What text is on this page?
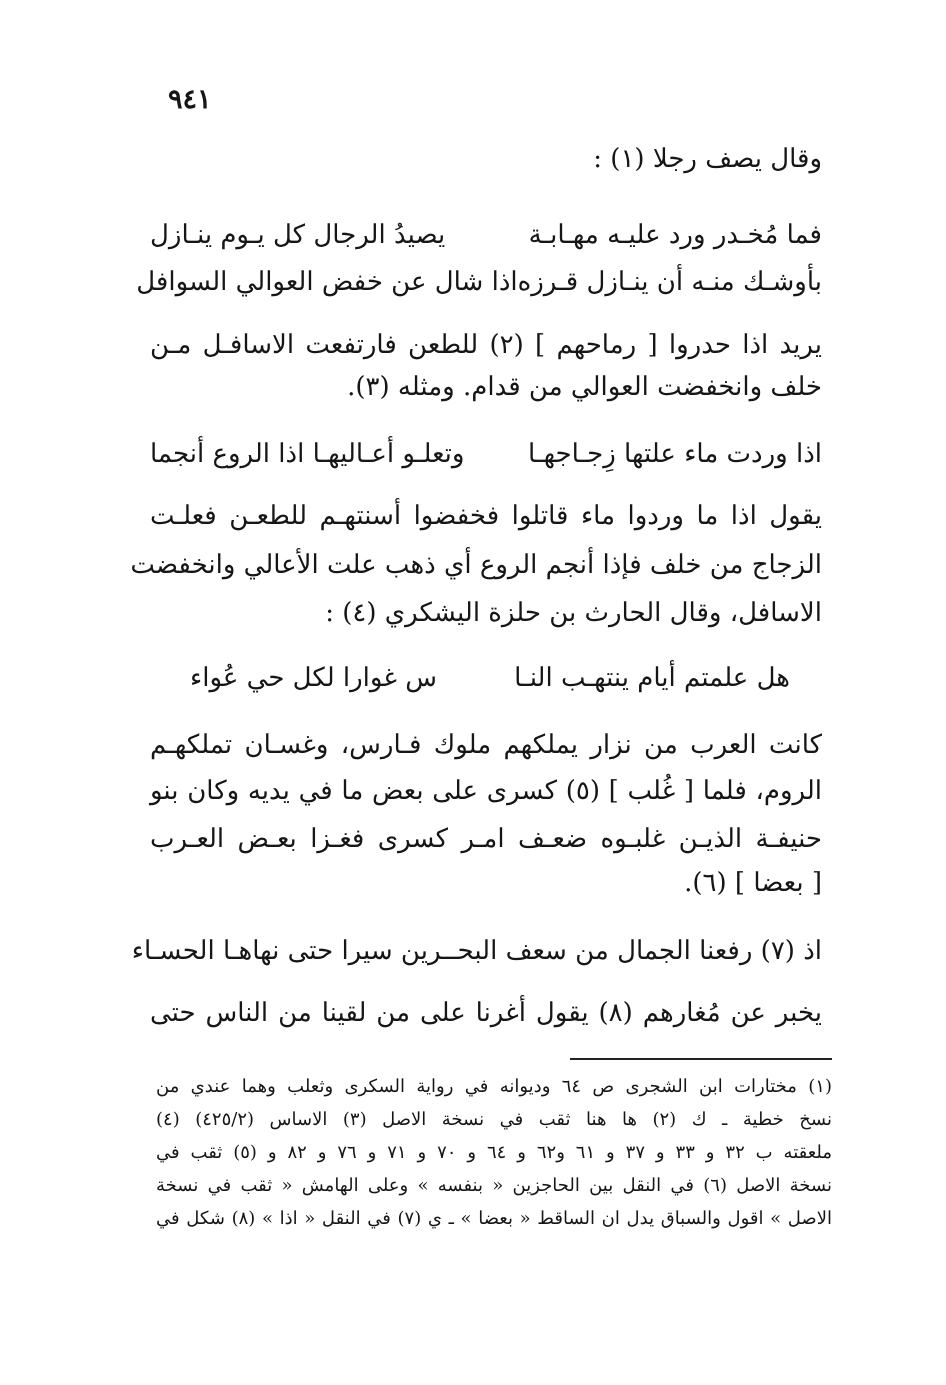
٩٤١
وقال يصف رجلا (١) :
فما مُخـدر ورد عليـه مهـابـة
يصيدُ الرجال كل يـوم ينـازل
بأوشـك منـه أن ينـازل قـرزه
اذا شال عن خفض العوالي السوافل
يريد اذا حدروا [ رماحهم ] (٢) للطعن فارتفعت الاسافـل مـن
خلف وانخفضت العوالي من قدام. ومثله (٣).
اذا وردت ماء علتها زِجـاجهـا
وتعلـو أعـاليهـا اذا الروع أنجما
يقول اذا ما وردوا ماء قاتلوا فخفضوا أسنتهـم للطعـن فعلـت
الزجاج من خلف فإذا أنجم الروع أي ذهب علت الأعالي وانخفضت
الاسافل، وقال الحارث بن حلزة اليشكري (٤) :
هل علمتم أيام ينتهـب النـا
س غوارا لكل حي عُواء
كانت العرب من نزار يملكهم ملوك فـارس، وغسـان تملكهـم
الروم، فلما [ غُلب ] (٥) كسرى على بعض ما في يديه وكان بنو
حنيفـة الذيـن غلبـوه ضعـف امـر كسرى فغـزا بعـض العـرب
[ بعضا ] (٦).
اذ (٧) رفعنا الجمال من سعف البحـ
ـرين سيرا حتى نهاهـا الحسـاء
يخبر عن مُغارهم (٨) يقول أغرنا على من لقينا من الناس حتى
(١) مختارات ابن الشجرى ص ٦٤ وديوانه في رواية السكرى وثعلب وهما عندي من
نسخ خطية ـ ك (٢) ها هنا ثقب في نسخة الاصل (٣) الاساس (٤٢٥/٢) (٤)
ملعقته ب ٣٢ و ٣٣ و ٣٧ و ٦١ و٦٢ و ٦٤ و ٧٠ و ٧١ و ٧٦ و ٨٢ و (٥) ثقب في
نسخة الاصل (٦) في النقل بين الحاجزين « بنفسه » وعلى الهامش « ثقب في نسخة
الاصل » اقول والسباق يدل ان الساقط « بعضا » ـ ي (٧) في النقل « اذا » (٨) شكل في
